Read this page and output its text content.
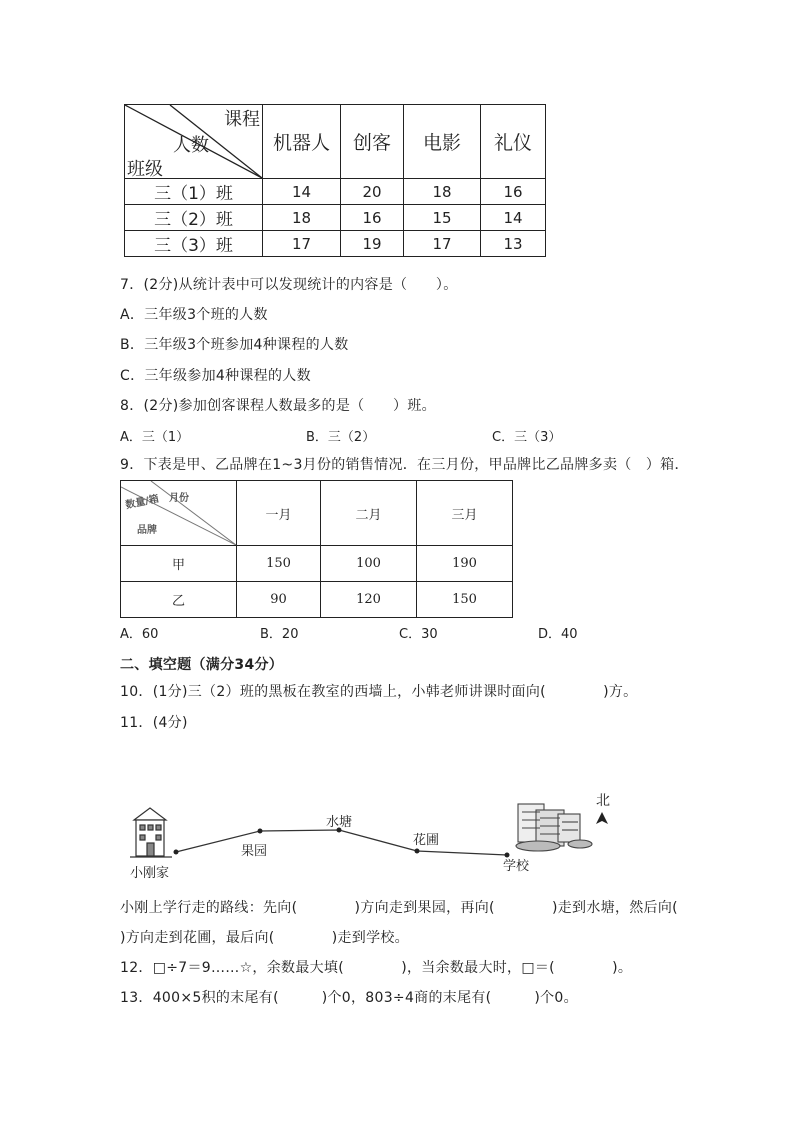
课程
人数
班级	机器人	创客	电影	礼仪
三（1）班	14	20	18	16
三（2）班	18	16	15	14
三（3）班	17	19	17	13
7．(2分)从统计表中可以发现统计的内容是（　　）。
A．三年级3个班的人数
B．三年级3个班参加4种课程的人数
C．三年级参加4种课程的人数
8．(2分)参加创客课程人数最多的是（　　）班。
A．三（1）	B．三（2）	C．三（3）
9．下表是甲、乙品牌在1~3月份的销售情况．在三月份，甲品牌比乙品牌多卖（　）箱．
月份
数量/箱
品牌	一月	二月	三月
甲	150	100	190
乙	90	120	150
A．60	B．20	C．30	D．40
二、填空题（满分34分）
10．(1分)三（2）班的黑板在教室的西墙上，小韩老师讲课时面向(　　　　)方。
11．(4分)
小刚家
果园
水塘
花圃
学校
北
小刚上学行走的路线：先向(　　　　)方向走到果园，再向(　　　　)走到水塘，然后向(
)方向走到花圃，最后向(　　　　)走到学校。
12．□÷7＝9……☆，余数最大填(　　　　)，当余数最大时，□＝(　　　　)。
13．400×5积的末尾有(　　　)个0，803÷4商的末尾有(　　　)个0。
